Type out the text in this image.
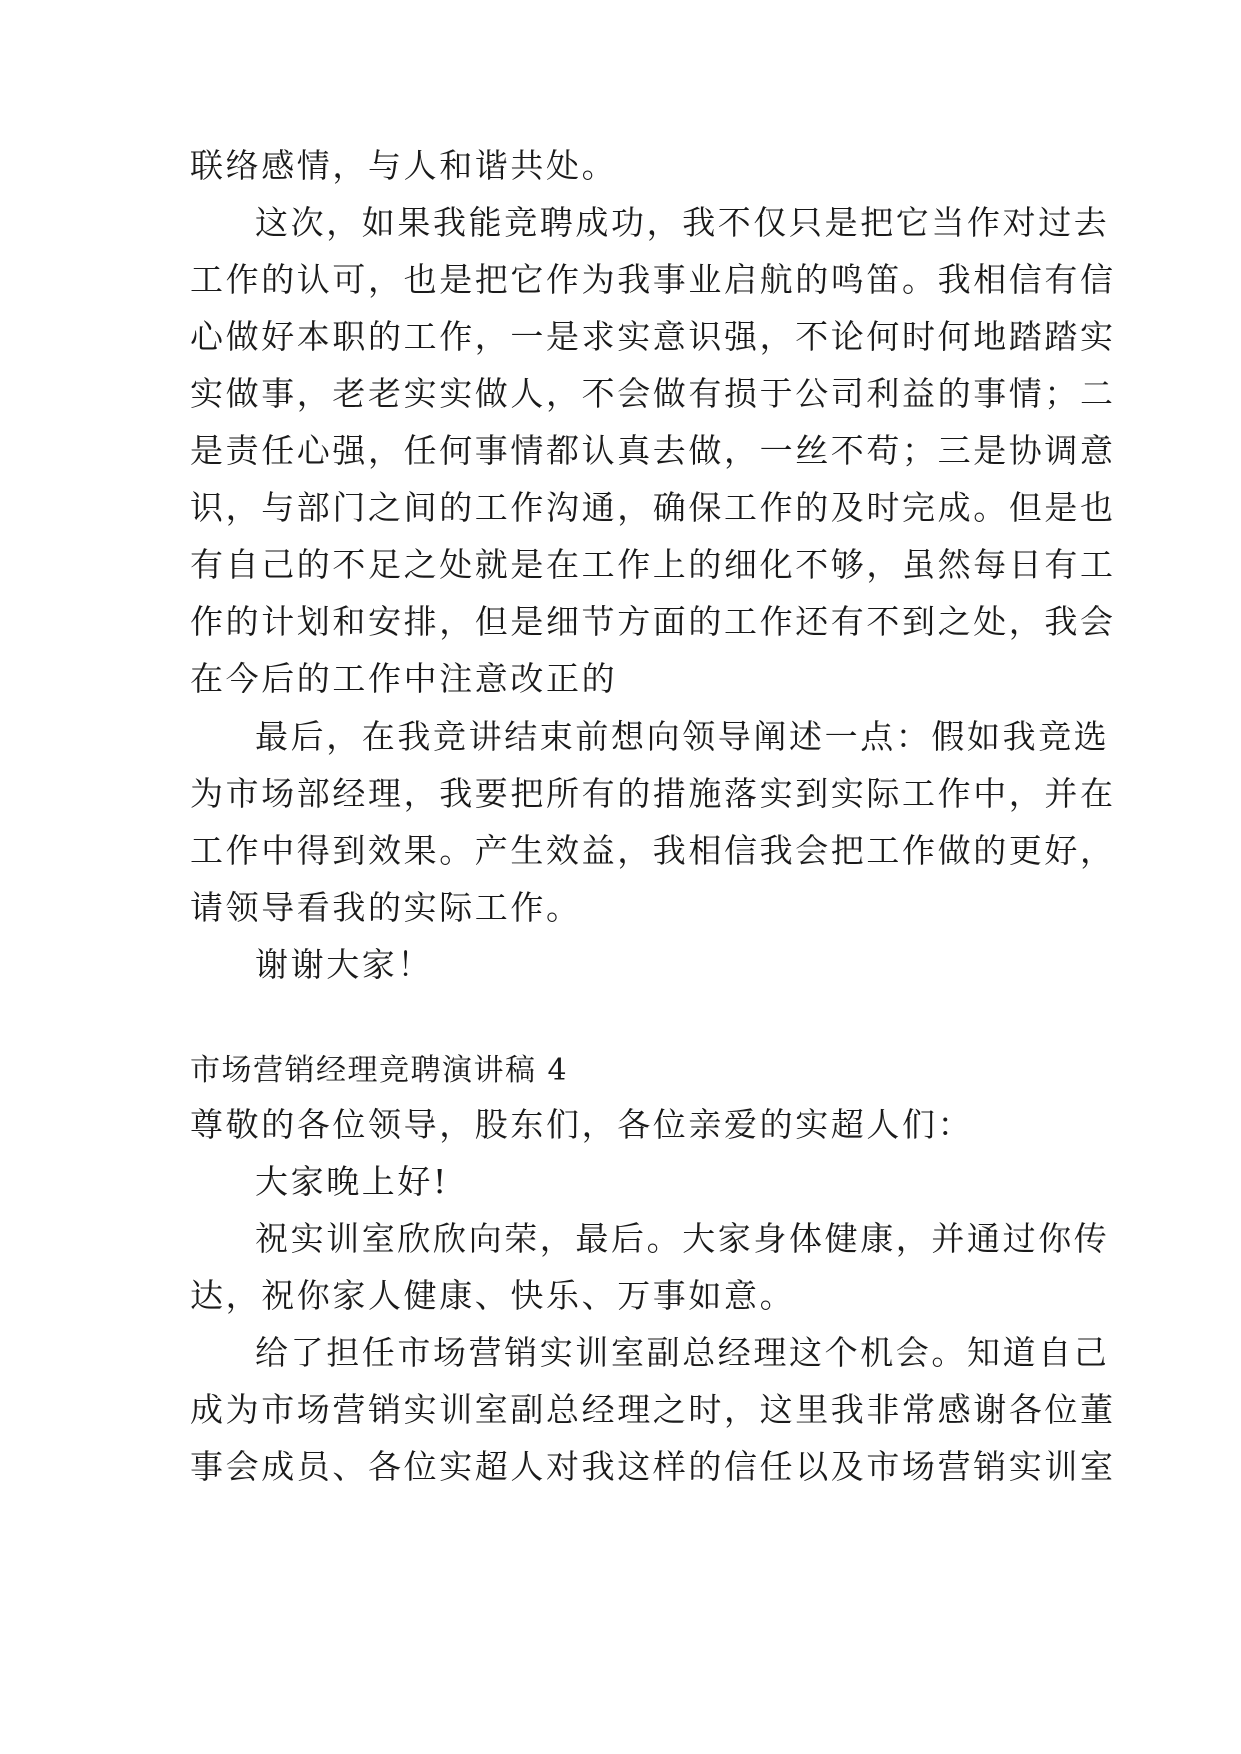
联络感情，与人和谐共处。
这次，如果我能竞聘成功，我不仅只是把它当作对过去
工作的认可，也是把它作为我事业启航的鸣笛。我相信有信
心做好本职的工作，一是求实意识强，不论何时何地踏踏实
实做事，老老实实做人，不会做有损于公司利益的事情；二
是责任心强，任何事情都认真去做，一丝不苟；三是协调意
识，与部门之间的工作沟通，确保工作的及时完成。但是也
有自己的不足之处就是在工作上的细化不够，虽然每日有工
作的计划和安排，但是细节方面的工作还有不到之处，我会
在今后的工作中注意改正的
最后，在我竞讲结束前想向领导阐述一点：假如我竞选
为市场部经理，我要把所有的措施落实到实际工作中，并在
工作中得到效果。产生效益，我相信我会把工作做的更好，
请领导看我的实际工作。
谢谢大家！
市场营销经理竞聘演讲稿 4
尊敬的各位领导，股东们，各位亲爱的实超人们：
大家晚上好!
祝实训室欣欣向荣，最后。大家身体健康，并通过你传
达，祝你家人健康、快乐、万事如意。
给了担任市场营销实训室副总经理这个机会。知道自己
成为市场营销实训室副总经理之时，这里我非常感谢各位董
事会成员、各位实超人对我这样的信任以及市场营销实训室
